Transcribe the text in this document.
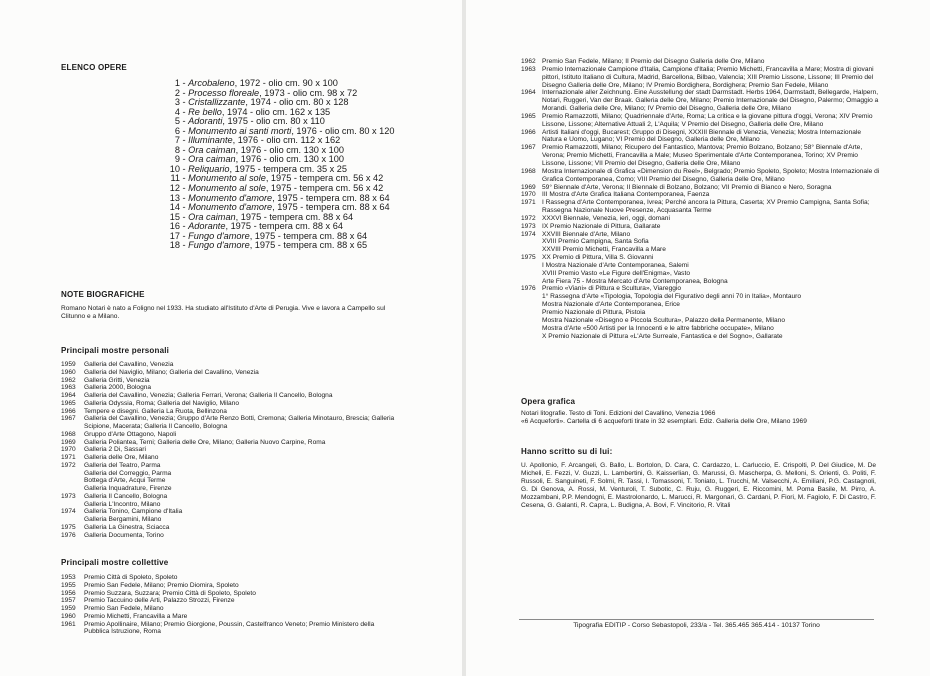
ELENCO OPERE
1 - Arcobaleno, 1972 - olio cm. 90 x 100
2 - Processo floreale, 1973 - olio cm. 98 x 72
3 - Cristallizzante, 1974 - olio cm. 80 x 128
4 - Re bello, 1974 - olio cm. 162 x 135
5 - Adoranti, 1975 - olio cm. 80 x 110
6 - Monumento ai santi morti, 1976 - olio cm. 80 x 120
7 - Illuminante, 1976 - olio cm. 112 x 162
8 - Ora caiman, 1976 - olio cm. 130 x 100
9 - Ora caiman, 1976 - olio cm. 130 x 100
10 - Reliquario, 1975 - tempera cm. 35 x 25
11 - Monumento al sole, 1975 - tempera cm. 56 x 42
12 - Monumento al sole, 1975 - tempera cm. 56 x 42
13 - Monumento d'amore, 1975 - tempera cm. 88 x 64
14 - Monumento d'amore, 1975 - tempera cm. 88 x 64
15 - Ora caiman, 1975 - tempera cm. 88 x 64
16 - Adorante, 1975 - tempera cm. 88 x 64
17 - Fungo d'amore, 1975 - tempera cm. 88 x 64
18 - Fungo d'amore, 1975 - tempera cm. 88 x 65
NOTE BIOGRAFICHE
Romano Notari è nato a Foligno nel 1933. Ha studiato all'Istituto d'Arte di Perugia. Vive e lavora a Campello sul Clitunno e a Milano.
Principali mostre personali
1959	Galleria del Cavallino, Venezia
1960	Galleria del Naviglio, Milano; Galleria del Cavallino, Venezia
1962	Galleria Gritti, Venezia
1963	Galleria 2000, Bologna
1964	Galleria del Cavallino, Venezia; Galleria Ferrari, Verona; Galleria Il Cancello, Bologna
1965	Galleria Odyssia, Roma; Galleria del Naviglio, Milano
1966	Tempere e disegni. Galleria La Ruota, Bellinzona
1967	Galleria del Cavallino, Venezia; Gruppo d'Arte Renzo Botti, Cremona; Galleria Minotauro, Brescia; Galleria Scipione, Macerata; Galleria Il Cancello, Bologna
1968	Gruppo d'Arte Ottagono, Napoli
1969	Galleria Poliantea, Terni; Galleria delle Ore, Milano; Galleria Nuovo Carpine, Roma
1970	Galleria 2 Di, Sassari
1971	Galleria delle Ore, Milano
1972	Galleria del Teatro, Parma
Galleria del Correggio, Parma
Bottega d'Arte, Acqui Terme
Galleria Inquadrature, Firenze
1973	Galleria Il Cancello, Bologna
Galleria L'Incontro, Milano
1974	Galleria Tonino, Campione d'Italia
Galleria Bergamini, Milano
1975	Galleria La Ginestra, Sciacca
1976	Galleria Documenta, Torino
Principali mostre collettive
1953	Premio Città di Spoleto, Spoleto
1955	Premio San Fedele, Milano; Premio Diomira, Spoleto
1956	Premio Suzzara, Suzzara; Premio Città di Spoleto, Spoleto
1957	Premio Taccuino delle Arti, Palazzo Strozzi, Firenze
1959	Premio San Fedele, Milano
1960	Premio Michetti, Francavilla a Mare
1961	Premio Apollinaire, Milano; Premio Giorgione, Poussin, Castelfranco Veneto; Premio Ministero della Pubblica Istruzione, Roma
1962 Premio San Fedele, Milano; II Premio del Disegno Galleria delle Ore, Milano
1963 Premio Internazionale Campione d'Italia, Campione d'Italia; Premio Michetti, Francavilla a Mare; Mostra di giovani pittori, Istituto Italiano di Cultura, Madrid, Barcellona, Bilbao, Valencia; XIII Premio Lissone, Lissone; III Premio del Disegno Galleria delle Ore, Milano; IV Premio Bordighera, Bordighera; Premio San Fedele, Milano
1964 Internazionale aller Zeichnung. Eine Ausstellung der stadt Darmstadt. Herbs 1964, Darmstadt, Bellegarde, Halpern, Notari, Ruggeri, Van der Braak. Galleria delle Ore, Milano; Premio Internazionale del Disegno, Palermo; Omaggio a Morandi. Galleria delle Ore, Milano; IV Premio del Disegno, Galleria delle Ore, Milano
1965 Premio Ramazzotti, Milano; Quadriennale d'Arte, Roma; La critica e la giovane pittura d'oggi, Verona; XIV Premio Lissone, Lissone; Alternative Attuali 2, L'Aquila; V Premio del Disegno, Galleria delle Ore, Milano
1966 Artisti Italiani d'oggi, Bucarest; Gruppo di Disegni, XXXIII Biennale di Venezia, Venezia; Mostra Internazionale Natura e Uomo, Lugano; VI Premio del Disegno, Galleria delle Ore, Milano
1967 Premio Ramazzotti, Milano; Ricupero del Fantastico, Mantova; Premio Bolzano, Bolzano; 58° Biennale d'Arte, Verona; Premio Michetti, Francavilla a Male; Museo Sperimentale d'Arte Contemporanea, Torino; XV Premio Lissone, Lissone; VII Premio del Disegno, Galleria delle Ore, Milano
1968 Mostra Internazionale di Grafica «Dimension du Reel», Belgrado; Premio Spoleto, Spoleto; Mostra Internazionale di Grafica Contemporanea, Como; VIII Premio del Disegno, Galleria delle Ore, Milano
1969 59° Biennale d'Arte, Verona; II Biennale di Bolzano, Bolzano; VII Premio di Bianco e Nero, Soragna
1970 III Mostra d'Arte Grafica Italiana Contemporanea, Faenza
1971 I Rassegna d'Arte Contemporanea, Ivrea; Perché ancora la Pittura, Caserta; XV Premio Campigna, Santa Sofia; Rassegna Nazionale Nuove Presenze, Acquasanta Terme
1972 XXXVI Biennale, Venezia, ieri, oggi, domani
1973 IX Premio Nazionale di Pittura, Gallarate
1974 XXVIII Biennale d'Arte, Milano
XVIII Premio Campigna, Santa Sofia
XXVIII Premio Michetti, Francavilla a Mare
1975 XX Premio di Pittura, Villa S. Giovanni
I Mostra Nazionale d'Arte Contemporanea, Salemi
XVIII Premio Vasto «Le Figure dell'Enigma», Vasto
Arte Fiera 75 - Mostra Mercato d'Arte Contemporanea, Bologna
1976 Premio «Viani» di Pittura e Scultura», Viareggio
1° Rassegna d'Arte «Tipologia, Topologia del Figurativo degli anni 70 in Italia», Montauro
Mostra Nazionale d'Arte Contemporanea, Erice
Premio Nazionale di Pittura, Pistoia
Mostra Nazionale «Disegno e Piccola Scultura», Palazzo della Permanente, Milano
Mostra d'Arte «500 Artisti per la Innocenti e le altre fabbriche occupate», Milano
X Premio Nazionale di Pittura «L'Arte Surreale, Fantastica e del Sogno», Gallarate
Opera grafica
Notari litografie. Testo di Toni. Edizioni del Cavallino, Venezia 1966
«6 Acqueforti». Cartella di 6 acqueforti tirate in 32 esemplari. Ediz. Galleria delle Ore, Milano 1969
Hanno scritto su di lui:
U. Apollonio, F. Arcangeli, G. Ballo, L. Bortolon, D. Cara, C. Cardazzo, L. Carluccio, E. Crispolti, P. Del Giudice, M. De Micheli, E. Fezzi, V. Guzzi, L. Lambertini, G. Kaisserlian, G. Marussi, G. Mascherpa, G. Melloni, S. Orienti, G. Politi, F. Russoli, E. Sanguineti, F. Solmi, R. Tassi, I. Tomassoni, T. Toniato, L. Trucchi, M. Valsecchi, A. Emiliani, P.G. Castagnoli, G. Di Genova, A. Rossi, M. Venturoli, T. Subotic, C. Ruju, G. Ruggeri, E. Riccomini, M. Poma Basile, M. Pirro, A. Mozzambani, P.P. Mendogni, E. Mastrolonardo, L. Marucci, R. Margonari, G. Cardani, P. Fiori, M. Fagiolo, F. Di Castro, F. Cesena, G. Galanti, R. Capra, L. Budigna, A. Bovi, F. Vincitorio, R. Vitali
Tipografia EDITIP - Corso Sebastopoli, 233/a - Tel. 365.465 365.414 - 10137 Torino
